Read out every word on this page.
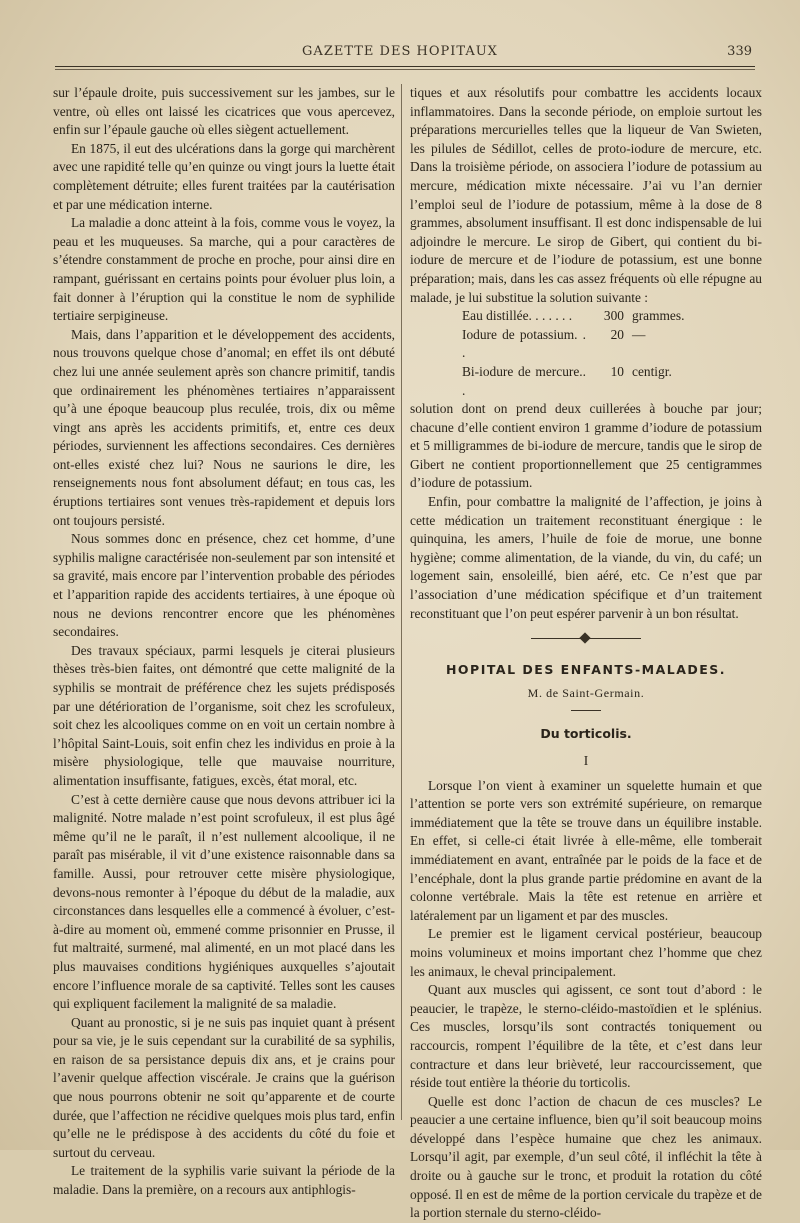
GAZETTE DES HOPITAUX	339

sur l’épaule droite, puis successivement sur les jambes, sur le ventre, où elles ont laissé les cicatrices que vous apercevez, enfin sur l’épaule gauche où elles siègent actuellement.

En 1875, il eut des ulcérations dans la gorge qui marchèrent avec une rapidité telle qu’en quinze ou vingt jours la luette était complètement détruite; elles furent traitées par la cautérisation et par une médication interne.

La maladie a donc atteint à la fois, comme vous le voyez, la peau et les muqueuses. Sa marche, qui a pour caractères de s’étendre constamment de proche en proche, pour ainsi dire en rampant, guérissant en certains points pour évoluer plus loin, a fait donner à l’éruption qui la constitue le nom de syphilide tertiaire serpigineuse.

Mais, dans l’apparition et le développement des accidents, nous trouvons quelque chose d’anomal; en effet ils ont débuté chez lui une année seulement après son chancre primitif, tandis que ordinairement les phénomènes tertiaires n’apparaissent qu’à une époque beaucoup plus reculée, trois, dix ou même vingt ans après les accidents primitifs, et, entre ces deux périodes, surviennent les affections secondaires. Ces dernières ont-elles existé chez lui? Nous ne saurions le dire, les renseignements nous font absolument défaut; en tous cas, les éruptions tertiaires sont venues très-rapidement et depuis lors ont toujours persisté.

Nous sommes donc en présence, chez cet homme, d’une syphilis maligne caractérisée non-seulement par son intensité et sa gravité, mais encore par l’intervention probable des périodes et l’apparition rapide des accidents tertiaires, à une époque où nous ne devions rencontrer encore que les phénomènes secondaires.

Des travaux spéciaux, parmi lesquels je citerai plusieurs thèses très-bien faites, ont démontré que cette malignité de la syphilis se montrait de préférence chez les sujets prédisposés par une détérioration de l’organisme, soit chez les scrofuleux, soit chez les alcooliques comme on en voit un certain nombre à l’hôpital Saint-Louis, soit enfin chez les individus en proie à la misère physiologique, telle que mauvaise nourriture, alimentation insuffisante, fatigues, excès, état moral, etc.

C’est à cette dernière cause que nous devons attribuer ici la malignité. Notre malade n’est point scrofuleux, il est plus âgé même qu’il ne le paraît, il n’est nullement alcoolique, il ne paraît pas misérable, il vit d’une existence raisonnable dans sa famille. Aussi, pour retrouver cette misère physiologique, devons-nous remonter à l’époque du début de la maladie, aux circonstances dans lesquelles elle a commencé à évoluer, c’est-à-dire au moment où, emmené comme prisonnier en Prusse, il fut maltraité, surmené, mal alimenté, en un mot placé dans les plus mauvaises conditions hygiéniques auxquelles s’ajoutait encore l’influence morale de sa captivité. Telles sont les causes qui expliquent facilement la malignité de sa maladie.

Quant au pronostic, si je ne suis pas inquiet quant à présent pour sa vie, je le suis cependant sur la curabilité de sa syphilis, en raison de sa persistance depuis dix ans, et je crains pour l’avenir quelque affection viscérale. Je crains que la guérison que nous pourrons obtenir ne soit qu’apparente et de courte durée, que l’affection ne récidive quelques mois plus tard, enfin qu’elle ne le prédispose à des accidents du côté du foie et surtout du cerveau.

Le traitement de la syphilis varie suivant la période de la maladie. Dans la première, on a recours aux antiphlogis-

tiques et aux résolutifs pour combattre les accidents locaux inflammatoires. Dans la seconde période, on emploie surtout les préparations mercurielles telles que la liqueur de Van Swieten, les pilules de Sédillot, celles de proto-iodure de mercure, etc. Dans la troisième période, on associera l’iodure de potassium au mercure, médication mixte nécessaire. J’ai vu l’an dernier l’emploi seul de l’iodure de potassium, même à la dose de 8 grammes, absolument insuffisant. Il est donc indispensable de lui adjoindre le mercure. Le sirop de Gibert, qui contient du bi-iodure de mercure et de l’iodure de potassium, est une bonne préparation; mais, dans les cas assez fréquents où elle répugne au malade, je lui substitue la solution suivante :

Eau distillée. . . . . . .	300 grammes.
Iodure de potassium. . .
20 —
Bi-iodure de mercure.. .
10 centigr.

solution dont on prend deux cuillerées à bouche par jour; chacune d’elle contient environ 1 gramme d’iodure de potassium et 5 milligrammes de bi-iodure de mercure, tandis que le sirop de Gibert ne contient proportionnellement que 25 centigrammes d’iodure de potassium.

Enfin, pour combattre la malignité de l’affection, je joins à cette médication un traitement reconstituant énergique : le quinquina, les amers, l’huile de foie de morue, une bonne hygiène; comme alimentation, de la viande, du vin, du café; un logement sain, ensoleillé, bien aéré, etc. Ce n’est que par l’association d’une médication spécifique et d’un traitement reconstituant que l’on peut espérer parvenir à un bon résultat.

HOPITAL DES ENFANTS-MALADES.
M. de Saint-Germain.
Du torticolis.
I

Lorsque l’on vient à examiner un squelette humain et que l’attention se porte vers son extrémité supérieure, on remarque immédiatement que la tête se trouve dans un équilibre instable. En effet, si celle-ci était livrée à elle-même, elle tomberait immédiatement en avant, entraînée par le poids de la face et de l’encéphale, dont la plus grande partie prédomine en avant de la colonne vertébrale. Mais la tête est retenue en arrière et latéralement par un ligament et par des muscles.

Le premier est le ligament cervical postérieur, beaucoup moins volumineux et moins important chez l’homme que chez les animaux, le cheval principalement.

Quant aux muscles qui agissent, ce sont tout d’abord : le peaucier, le trapèze, le sterno-cléido-mastoïdien et le splénius. Ces muscles, lorsqu’ils sont contractés toniquement ou raccourcis, rompent l’équilibre de la tête, et c’est dans leur contracture et dans leur brièveté, leur raccourcissement, que réside tout entière la théorie du torticolis.

Quelle est donc l’action de chacun de ces muscles? Le peaucier a une certaine influence, bien qu’il soit beaucoup moins développé dans l’espèce humaine que chez les animaux. Lorsqu’il agit, par exemple, d’un seul côté, il infléchit la tête à droite ou à gauche sur le tronc, et produit la rotation du côté opposé. Il en est de même de la portion cervicale du trapèze et de la portion sternale du sterno-cléido-
